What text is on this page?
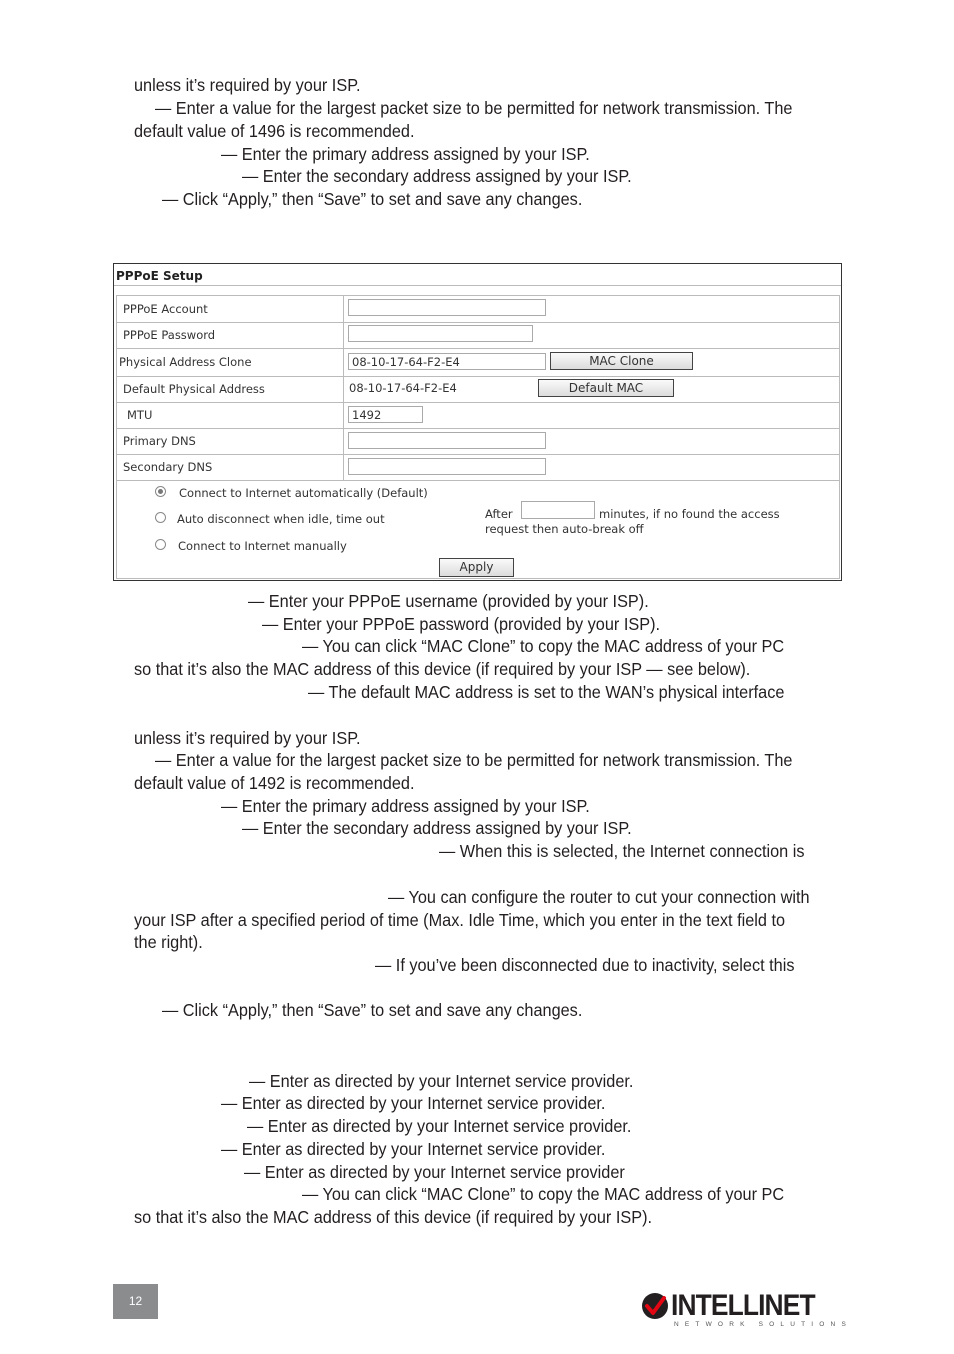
unless it’s required by your ISP.
— Enter a value for the largest packet size to be permitted for network transmission. The
default value of 1496 is recommended.
— Enter the primary address assigned by your ISP.
— Enter the secondary address assigned by your ISP.
— Click “Apply,” then “Save” to set and save any changes.
PPPoE Setup
PPPoE Account
PPPoE Password
Physical Address Clone	08-10-17-64-F2-E4	MAC Clone
Default Physical Address	08-10-17-64-F2-E4	Default MAC
MTU	1492
Primary DNS
Secondary DNS
Connect to Internet automatically (Default)
Auto disconnect when idle, time out
Connect to Internet manually
After	minutes, if no found the access
request then auto-break off
Apply
— Enter your PPPoE username (provided by your ISP).
— Enter your PPPoE password (provided by your ISP).
— You can click “MAC Clone” to copy the MAC address of your PC
so that it’s also the MAC address of this device (if required by your ISP — see below).
— The default MAC address is set to the WAN’s physical interface
unless it’s required by your ISP.
— Enter a value for the largest packet size to be permitted for network transmission. The
default value of 1492 is recommended.
— Enter the primary address assigned by your ISP.
— Enter the secondary address assigned by your ISP.
— When this is selected, the Internet connection is
— You can configure the router to cut your connection with
your ISP after a specified period of time (Max. Idle Time, which you enter in the text field to
the right).
— If you’ve been disconnected due to inactivity, select this
— Click “Apply,” then “Save” to set and save any changes.
— Enter as directed by your Internet service provider.
— Enter as directed by your Internet service provider.
— Enter as directed by your Internet service provider.
— Enter as directed by your Internet service provider.
— Enter as directed by your Internet service provider
— You can click “MAC Clone” to copy the MAC address of your PC
so that it’s also the MAC address of this device (if required by your ISP).
12	INTELLINET
NETWORK SOLUTIONS
